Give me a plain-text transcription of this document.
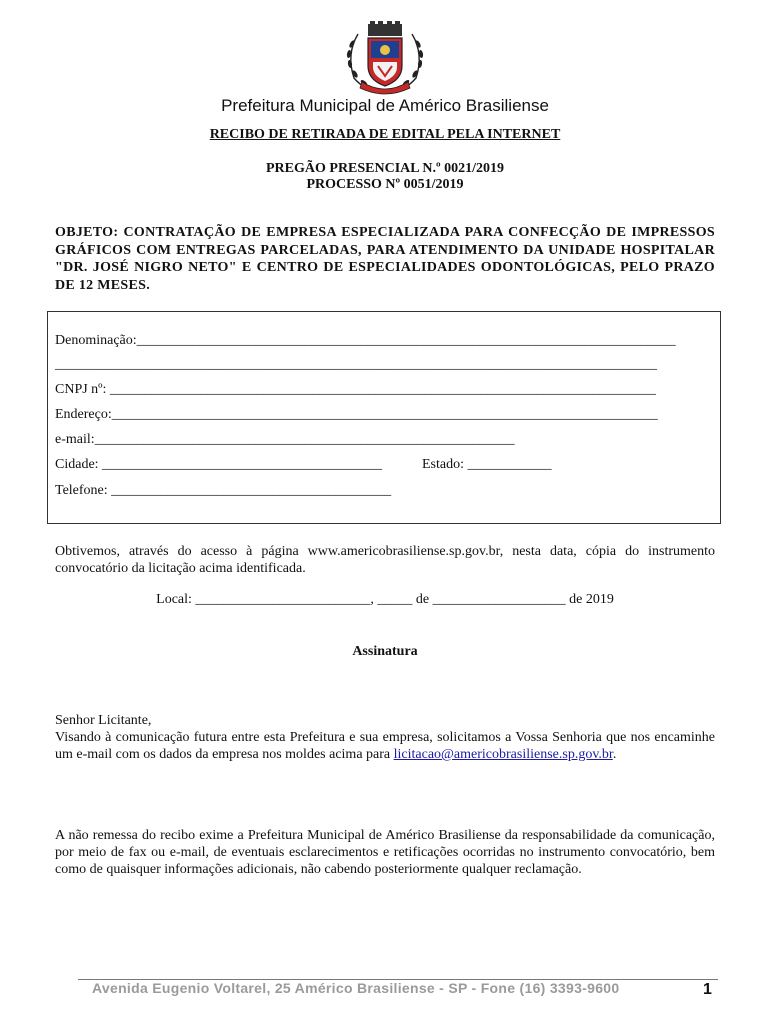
Prefeitura Municipal de Américo Brasiliense
RECIBO DE RETIRADA DE EDITAL PELA INTERNET
PREGÃO PRESENCIAL N.º 0021/2019
PROCESSO Nº 0051/2019
OBJETO: CONTRATAÇÃO DE EMPRESA ESPECIALIZADA PARA CONFECÇÃO DE IMPRESSOS GRÁFICOS COM ENTREGAS PARCELADAS, PARA ATENDIMENTO DA UNIDADE HOSPITALAR "DR. JOSÉ NIGRO NETO" E CENTRO DE ESPECIALIDADES ODONTOLÓGICAS, PELO PRAZO DE 12 MESES.
Denominação:_____________________________________________________________________________
______________________________________________________________________________________
CNPJ nº: ______________________________________________________________________________
Endereço:______________________________________________________________________________
e-mail:____________________________________________________________
Cidade: ________________________________________	Estado: ____________
Telefone: ________________________________________
Obtivemos, através do acesso à página www.americobrasiliense.sp.gov.br, nesta data, cópia do instrumento convocatório da licitação acima identificada.
Local: _________________________, _____ de ___________________ de 2019
Assinatura
Senhor Licitante,
Visando à comunicação futura entre esta Prefeitura e sua empresa, solicitamos a Vossa Senhoria que nos encaminhe um e-mail com os dados da empresa nos moldes acima para licitacao@americobrasiliense.sp.gov.br.
A não remessa do recibo exime a Prefeitura Municipal de Américo Brasiliense da responsabilidade da comunicação, por meio de fax ou e-mail, de eventuais esclarecimentos e retificações ocorridas no instrumento convocatório, bem como de quaisquer informações adicionais, não cabendo posteriormente qualquer reclamação.
Avenida Eugenio Voltarel, 25 Américo Brasiliense - SP - Fone (16) 3393-9600	1
